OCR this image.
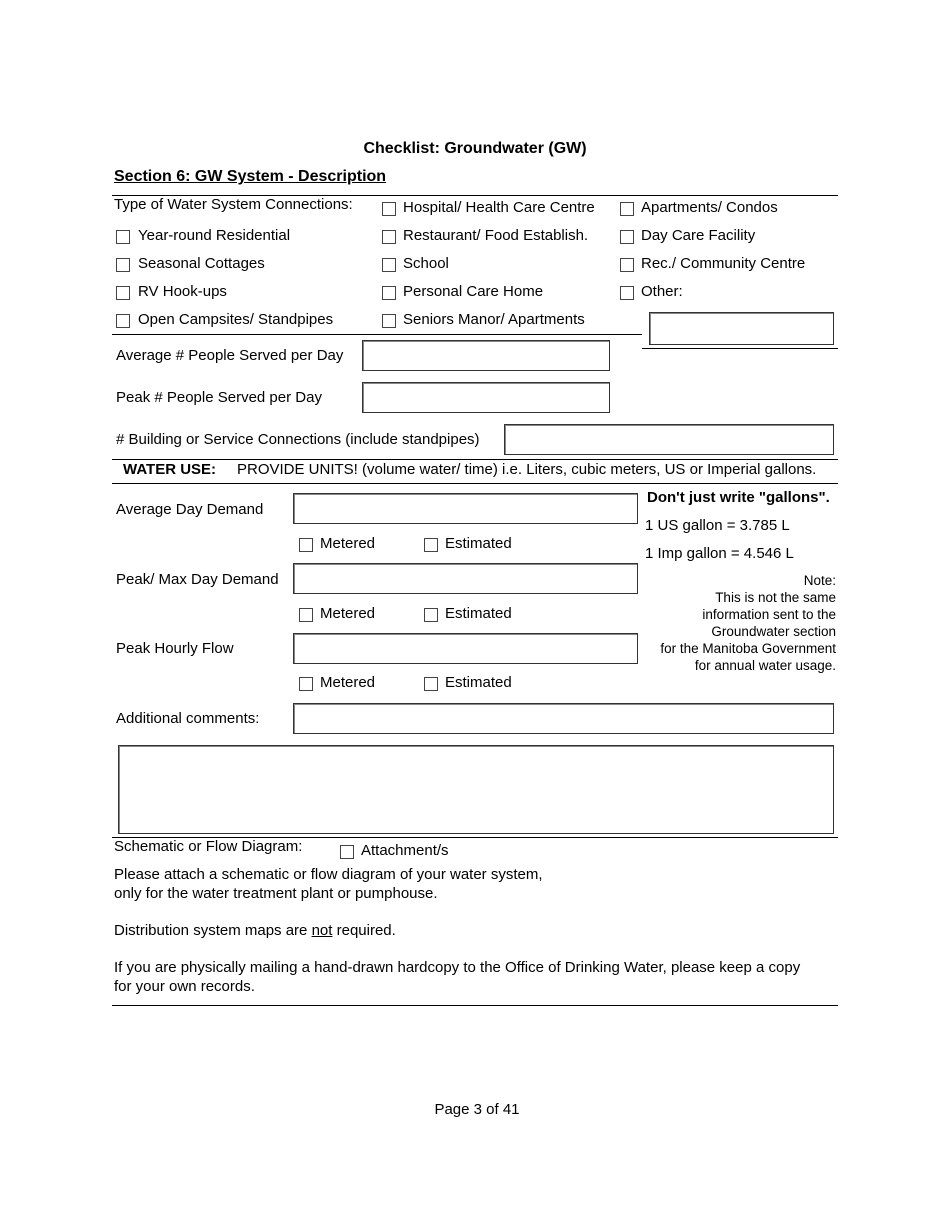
Checklist: Groundwater (GW)
Section 6: GW System - Description
Type of Water System Connections:
Year-round Residential
Seasonal Cottages
RV Hook-ups
Open Campsites/ Standpipes
Hospital/ Health Care Centre
Restaurant/ Food Establish.
School
Personal Care Home
Seniors Manor/ Apartments
Apartments/ Condos
Day Care Facility
Rec./ Community Centre
Other:
Average # People Served per Day
Peak # People Served per Day
# Building or Service Connections (include standpipes)
WATER USE: PROVIDE UNITS! (volume water/ time) i.e. Liters, cubic meters, US or Imperial gallons.
Average Day Demand
Metered	Estimated
Peak/ Max Day Demand
Metered	Estimated
Peak Hourly Flow
Metered	Estimated
Don't just write "gallons".
1 US gallon = 3.785 L
1 Imp gallon = 4.546 L
Note:
This is not the same
information sent to the
Groundwater section
for the Manitoba Government
for annual water usage.
Additional comments:
Schematic or Flow Diagram:	Attachment/s
Please attach a schematic or flow diagram of your water system,
only for the water treatment plant or pumphouse.
Distribution system maps are not required.
If you are physically mailing a hand-drawn hardcopy to the Office of Drinking Water, please keep a copy
for your own records.
Page 3 of 41
